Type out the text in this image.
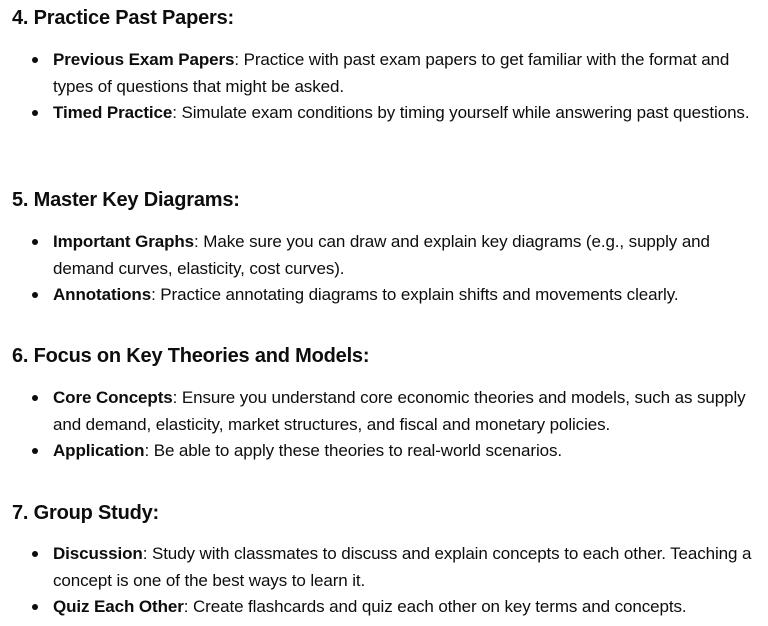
4. Practice Past Papers:
Previous Exam Papers: Practice with past exam papers to get familiar with the format and types of questions that might be asked.
Timed Practice: Simulate exam conditions by timing yourself while answering past questions.
5. Master Key Diagrams:
Important Graphs: Make sure you can draw and explain key diagrams (e.g., supply and demand curves, elasticity, cost curves).
Annotations: Practice annotating diagrams to explain shifts and movements clearly.
6. Focus on Key Theories and Models:
Core Concepts: Ensure you understand core economic theories and models, such as supply and demand, elasticity, market structures, and fiscal and monetary policies.
Application: Be able to apply these theories to real-world scenarios.
7. Group Study:
Discussion: Study with classmates to discuss and explain concepts to each other. Teaching a concept is one of the best ways to learn it.
Quiz Each Other: Create flashcards and quiz each other on key terms and concepts.
